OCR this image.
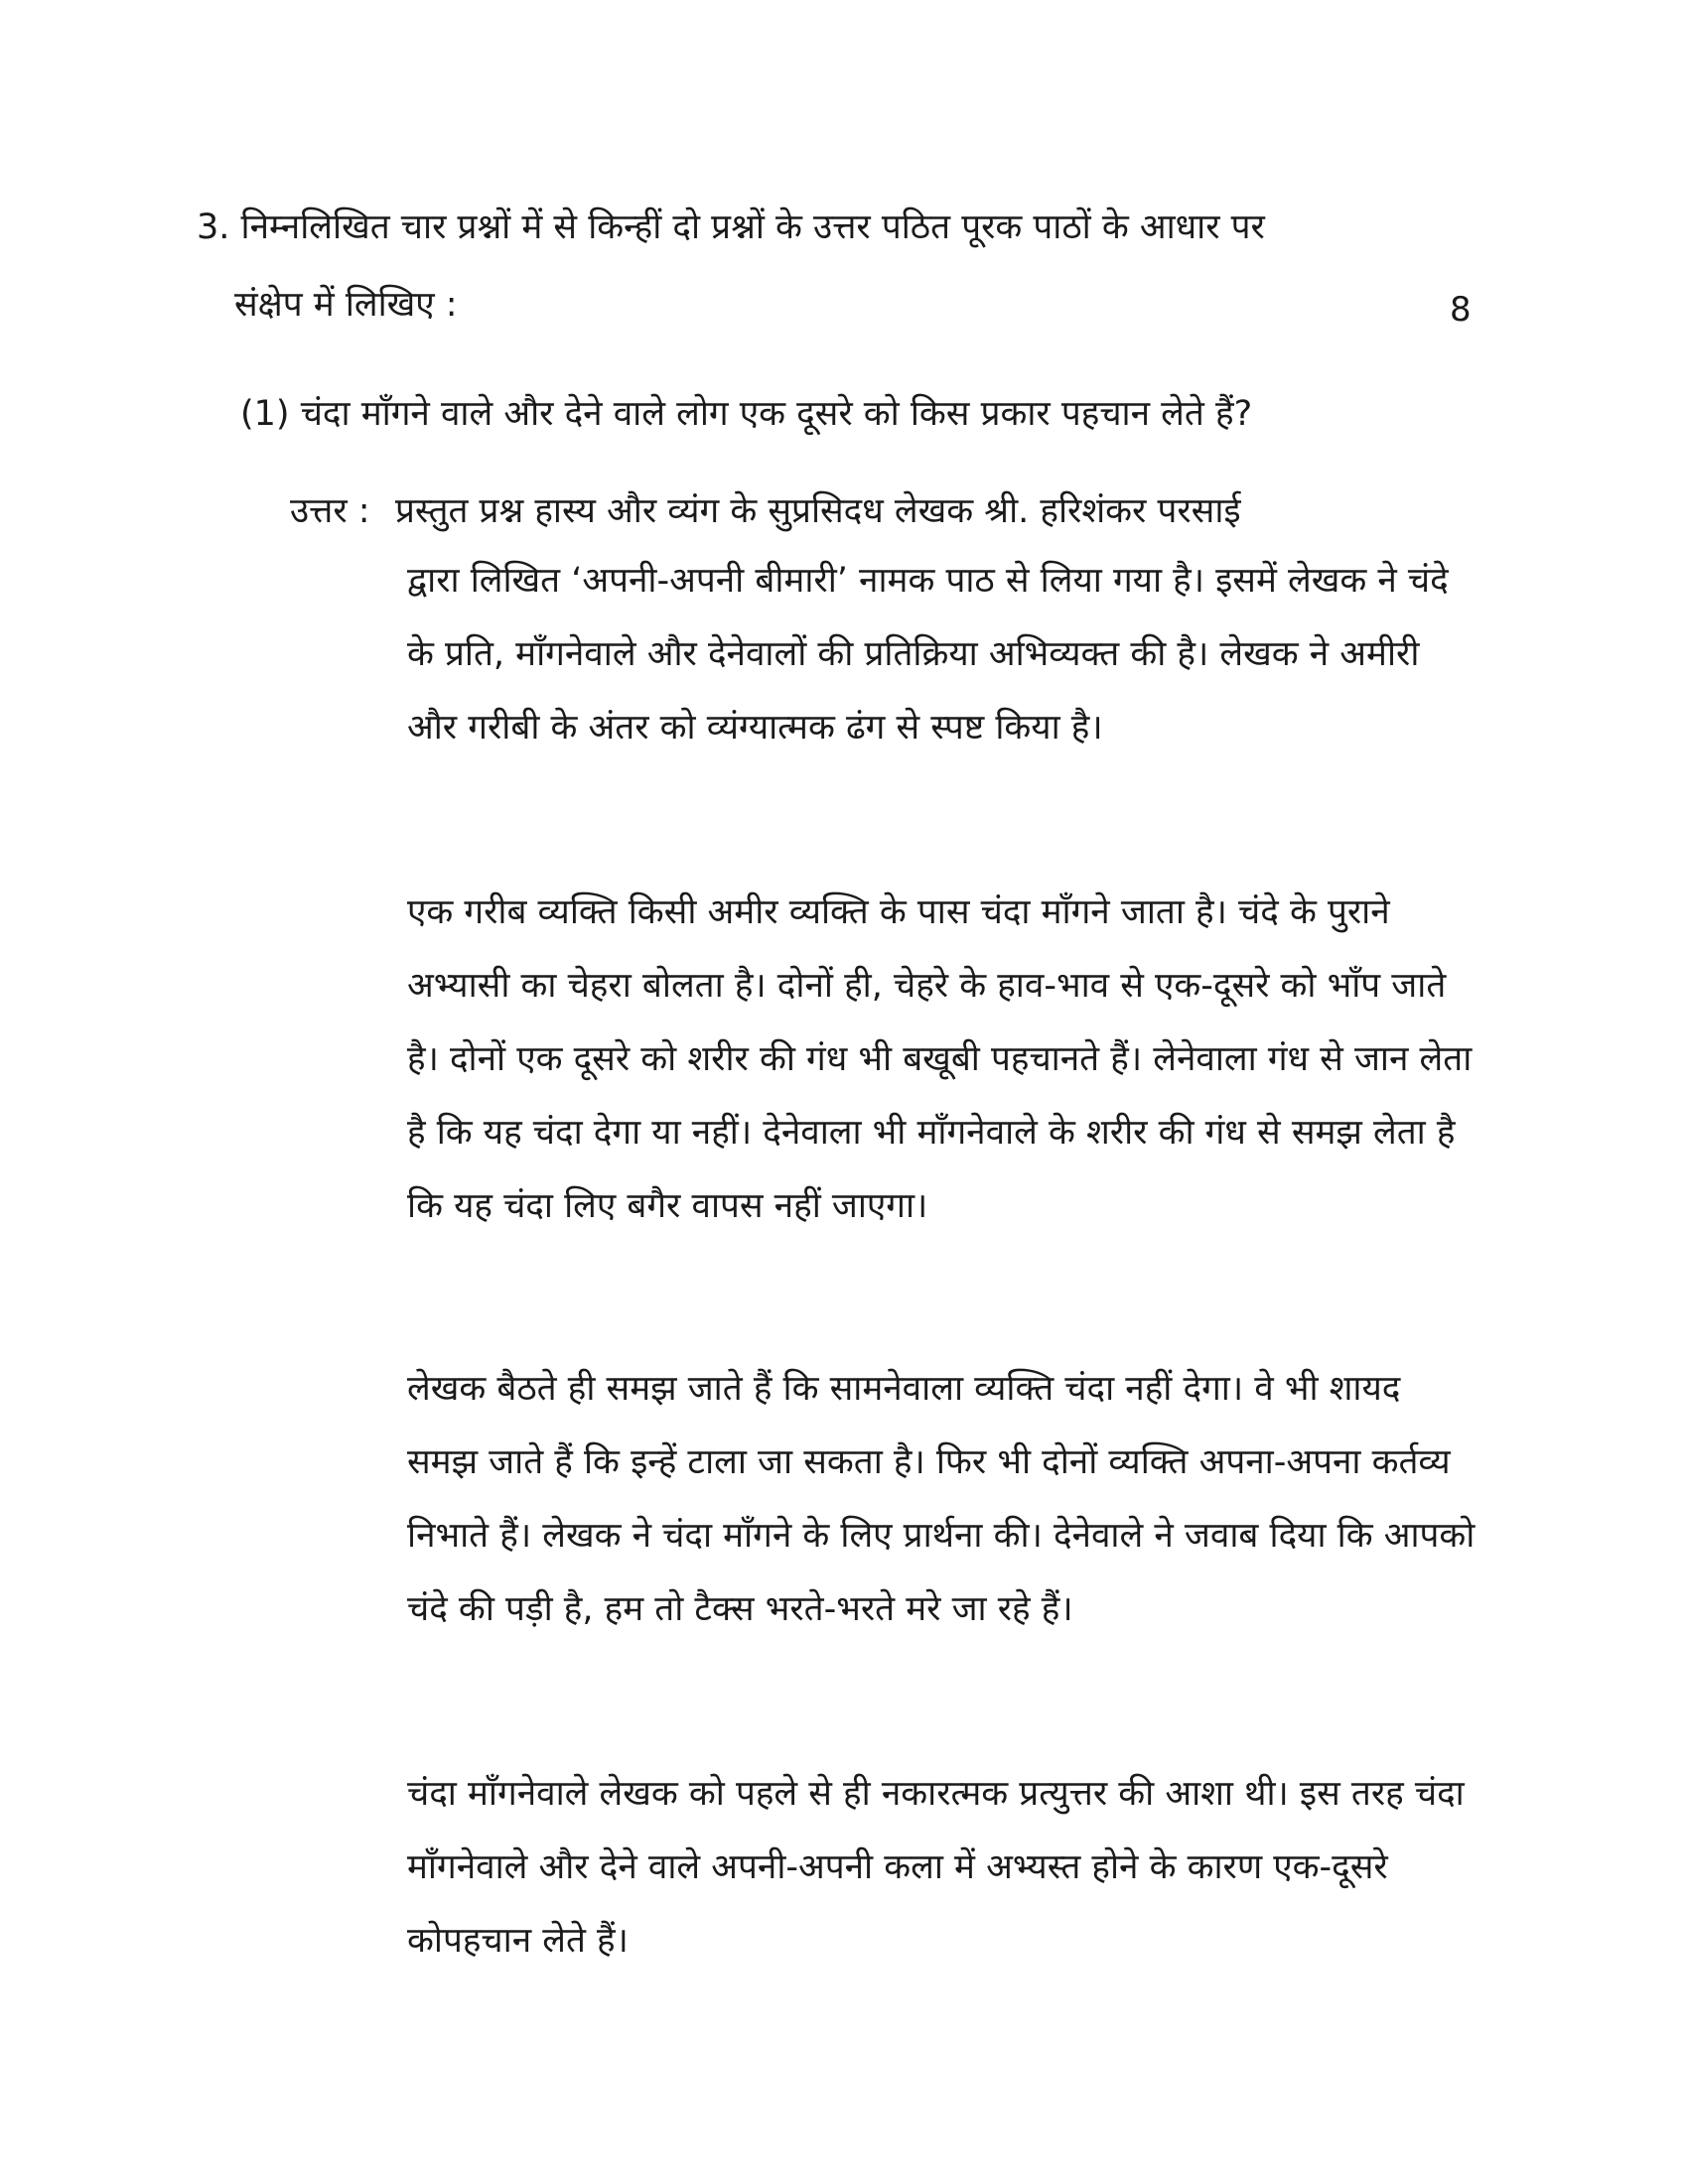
3. निम्नलिखित चार प्रश्नों में से किन्हीं दो प्रश्नों के उत्तर पठित पूरक पाठों के आधार पर
संक्षेप में लिखिए :	8
(1) चंदा माँगने वाले और देने वाले लोग एक दूसरे को किस प्रकार पहचान लेते हैं?
उत्तर : प्रस्तुत प्रश्न हास्य और व्यंग के सुप्रसिदध लेखक श्री. हरिशंकर परसाई
द्वारा लिखित ‘अपनी-अपनी बीमारी’ नामक पाठ से लिया गया है। इसमें लेखक ने चंदे के प्रति, माँगनेवाले और देनेवालों की प्रतिक्रिया अभिव्यक्त की है। लेखक ने अमीरी और गरीबी के अंतर को व्यंग्यात्मक ढंग से स्पष्ट किया है।
एक गरीब व्यक्ति किसी अमीर व्यक्ति के पास चंदा माँगने जाता है। चंदे के पुराने अभ्यासी का चेहरा बोलता है। दोनों ही, चेहरे के हाव-भाव से एक-दूसरे को भाँप जाते है। दोनों एक दूसरे को शरीर की गंध भी बखूबी पहचानते हैं। लेनेवाला गंध से जान लेता है कि यह चंदा देगा या नहीं। देनेवाला भी माँगनेवाले के शरीर की गंध से समझ लेता है कि यह चंदा लिए बगैर वापस नहीं जाएगा।
लेखक बैठते ही समझ जाते हैं कि सामनेवाला व्यक्ति चंदा नहीं देगा। वे भी शायद समझ जाते हैं कि इन्हें टाला जा सकता है। फिर भी दोनों व्यक्ति अपना-अपना कर्तव्य निभाते हैं। लेखक ने चंदा माँगने के लिए प्रार्थना की। देनेवाले ने जवाब दिया कि आपको चंदे की पड़ी है, हम तो टैक्स भरते-भरते मरे जा रहे हैं।
चंदा माँगनेवाले लेखक को पहले से ही नकारत्मक प्रत्युत्तर की आशा थी। इस तरह चंदा माँगनेवाले और देने वाले अपनी-अपनी कला में अभ्यस्त होने के कारण एक-दूसरे कोपहचान लेते हैं।
